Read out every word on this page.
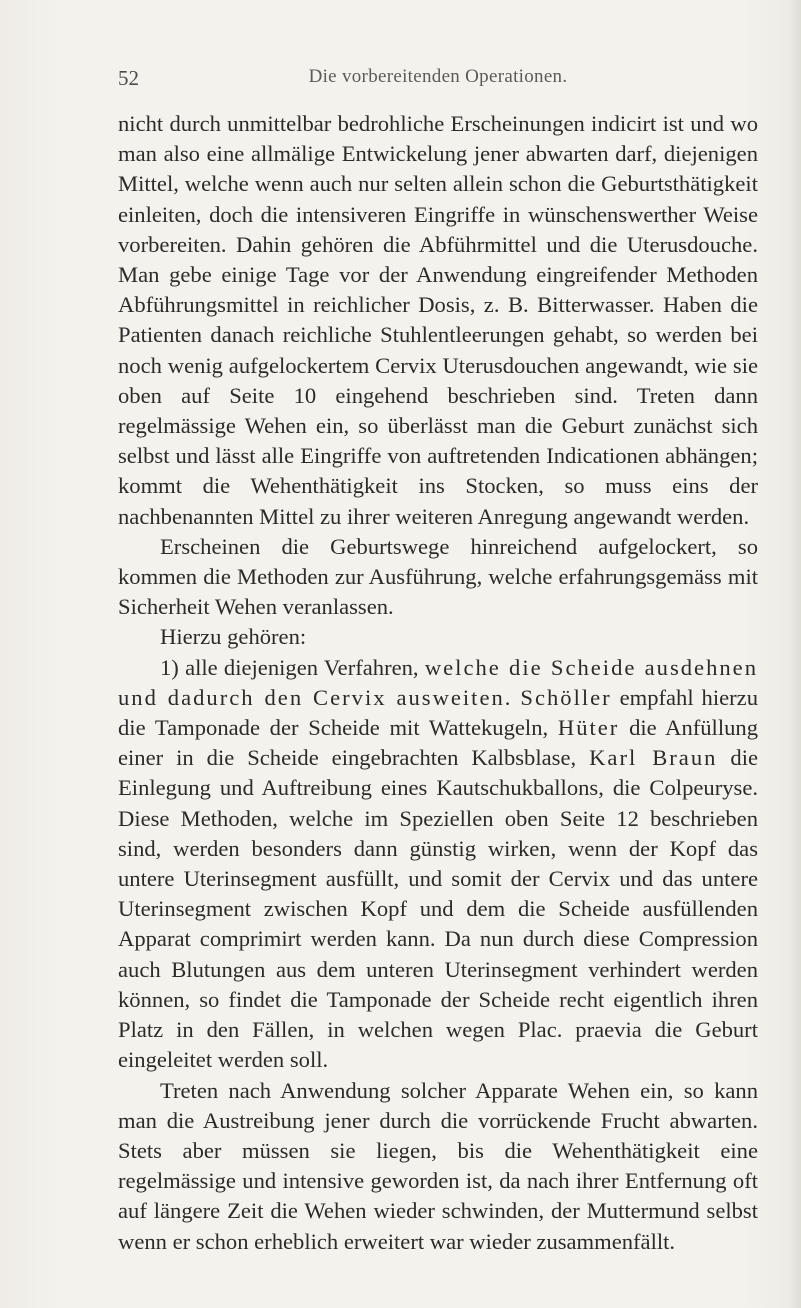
52	Die vorbereitenden Operationen.

nicht durch unmittelbar bedrohliche Erscheinungen indicirt ist und wo man also eine allmälige Entwickelung jener abwarten darf, diejenigen Mittel, welche wenn auch nur selten allein schon die Geburtsthätigkeit einleiten, doch die intensiveren Eingriffe in wünschenswerther Weise vorbereiten. Dahin gehören die Abführmittel und die Uterusdouche. Man gebe einige Tage vor der Anwendung eingreifender Methoden Abführungsmittel in reichlicher Dosis, z. B. Bitterwasser. Haben die Patienten danach reichliche Stuhlentleerungen gehabt, so werden bei noch wenig aufgelockertem Cervix Uterusdouchen angewandt, wie sie oben auf Seite 10 eingehend beschrieben sind. Treten dann regelmässige Wehen ein, so überlässt man die Geburt zunächst sich selbst und lässt alle Eingriffe von auftretenden Indicationen abhängen; kommt die Wehenthätigkeit ins Stocken, so muss eins der nachbenannten Mittel zu ihrer weiteren Anregung angewandt werden.

Erscheinen die Geburtswege hinreichend aufgelockert, so kommen die Methoden zur Ausführung, welche erfahrungsgemäss mit Sicherheit Wehen veranlassen.

Hierzu gehören:

1) alle diejenigen Verfahren, welche die Scheide ausdehnen und dadurch den Cervix ausweiten. Schöller empfahl hierzu die Tamponade der Scheide mit Wattekugeln, Hüter die Anfüllung einer in die Scheide eingebrachten Kalbsblase, Karl Braun die Einlegung und Auftreibung eines Kautschukballons, die Colpeuryse. Diese Methoden, welche im Speziellen oben Seite 12 beschrieben sind, werden besonders dann günstig wirken, wenn der Kopf das untere Uterinsegment ausfüllt, und somit der Cervix und das untere Uterinsegment zwischen Kopf und dem die Scheide ausfüllenden Apparat comprimirt werden kann. Da nun durch diese Compression auch Blutungen aus dem unteren Uterinsegment verhindert werden können, so findet die Tamponade der Scheide recht eigentlich ihren Platz in den Fällen, in welchen wegen Plac. praevia die Geburt eingeleitet werden soll.

Treten nach Anwendung solcher Apparate Wehen ein, so kann man die Austreibung jener durch die vorrückende Frucht abwarten. Stets aber müssen sie liegen, bis die Wehenthätigkeit eine regelmässige und intensive geworden ist, da nach ihrer Entfernung oft auf längere Zeit die Wehen wieder schwinden, der Muttermund selbst wenn er schon erheblich erweitert war wieder zusammenfällt.
